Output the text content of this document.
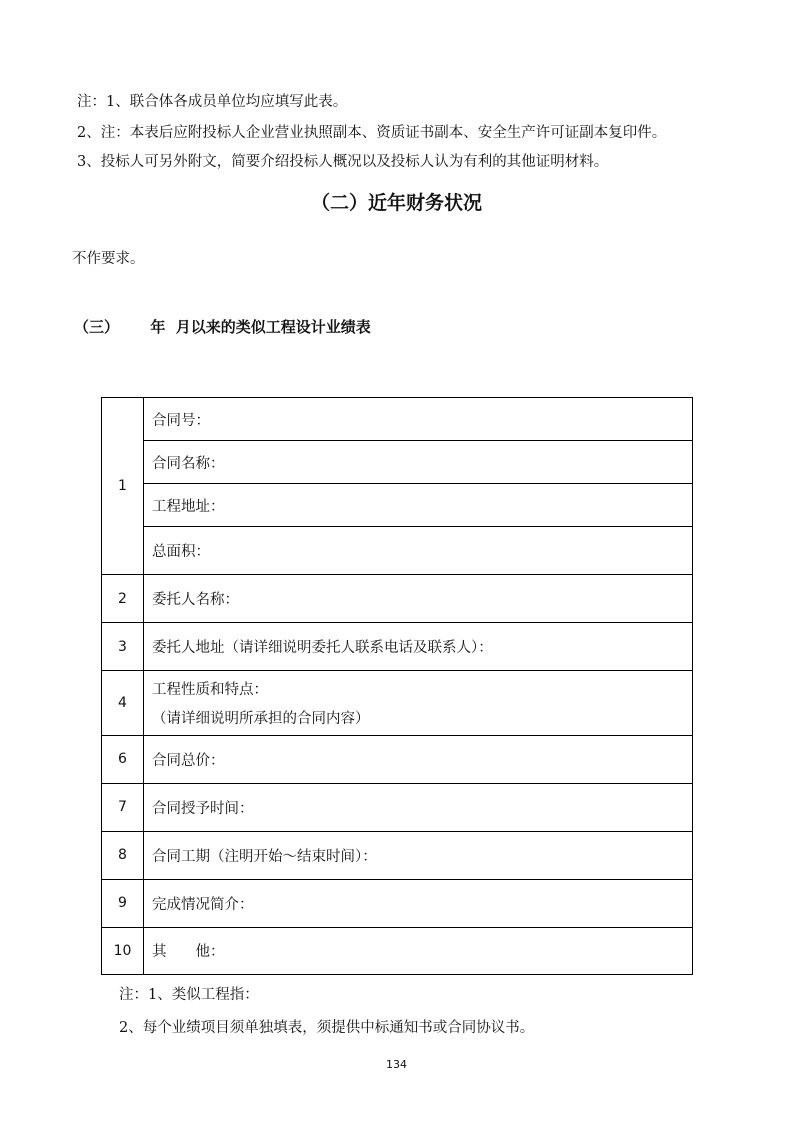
注：1、联合体各成员单位均应填写此表。
2、注：本表后应附投标人企业营业执照副本、资质证书副本、安全生产许可证副本复印件。
3、投标人可另外附文，简要介绍投标人概况以及投标人认为有利的其他证明材料。
（二）近年财务状况
不作要求。
（三）      年  月以来的类似工程设计业绩表
1	合同号：
	合同名称：
	工程地址：
	总面积：
2	委托人名称：
3	委托人地址（请详细说明委托人联系电话及联系人）：
4	工程性质和特点：
（请详细说明所承担的合同内容）

6	合同总价：
7	合同授予时间：
8	合同工期（注明开始～结束时间）：
9	完成情况简介：
10	其　　他：
注：1、类似工程指：
2、每个业绩项目须单独填表，须提供中标通知书或合同协议书。
134
